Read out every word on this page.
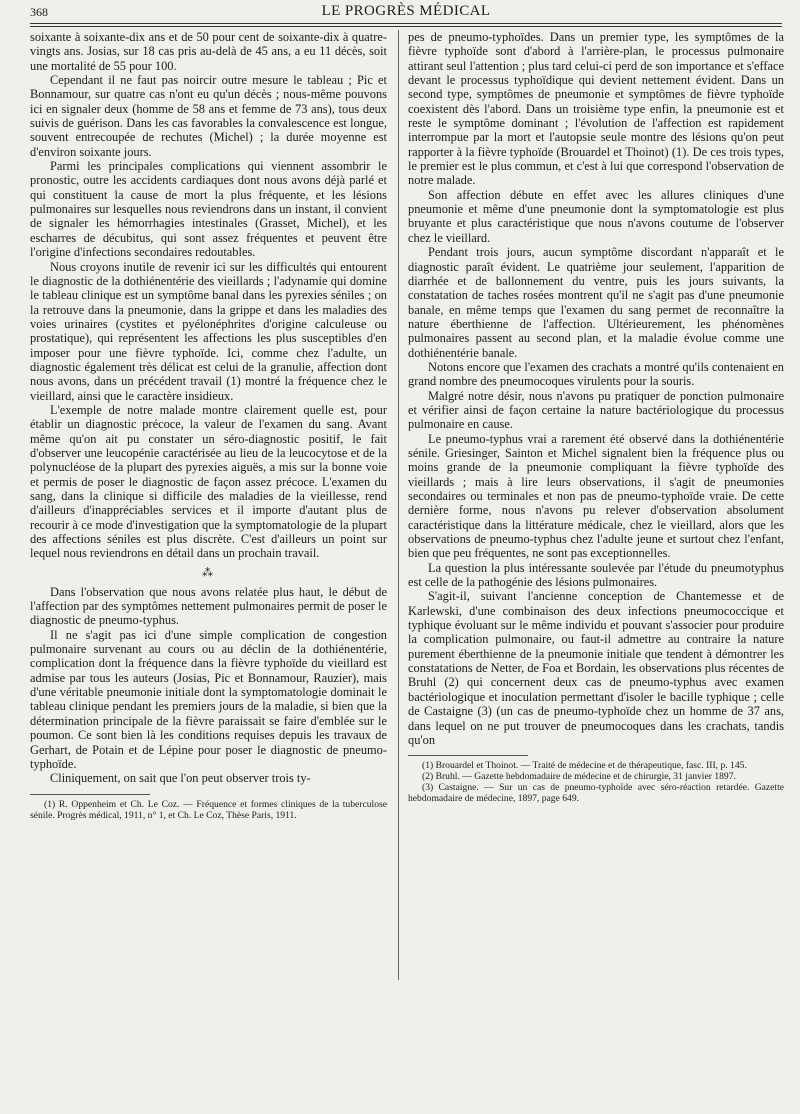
368	LE PROGRÈS MÉDICAL

soixante à soixante-dix ans et de 50 pour cent de soixante-dix à quatre-vingts ans. Josias, sur 18 cas pris au-delà de 45 ans, a eu 11 décès, soit une mortalité de 55 pour 100.

Cependant il ne faut pas noircir outre mesure le tableau ; Pic et Bonnamour, sur quatre cas n'ont eu qu'un décès ; nous-même pouvons ici en signaler deux (homme de 58 ans et femme de 73 ans), tous deux suivis de guérison. Dans les cas favorables la convalescence est longue, souvent entrecoupée de rechutes (Michel) ; la durée moyenne est d'environ soixante jours.

Parmi les principales complications qui viennent assombrir le pronostic, outre les accidents cardiaques dont nous avons déjà parlé et qui constituent la cause de mort la plus fréquente, et les lésions pulmonaires sur lesquelles nous reviendrons dans un instant, il convient de signaler les hémorrhagies intestinales (Grasset, Michel), et les escharres de décubitus, qui sont assez fréquentes et peuvent être l'origine d'infections secondaires redoutables.

Nous croyons inutile de revenir ici sur les difficultés qui entourent le diagnostic de la dothiénentérie des vieillards ; l'adynamie qui domine le tableau clinique est un symptôme banal dans les pyrexies séniles ; on la retrouve dans la pneumonie, dans la grippe et dans les maladies des voies urinaires (cystites et pyélonéphrites d'origine calculeuse ou prostatique), qui représentent les affections les plus susceptibles d'en imposer pour une fièvre typhoïde. Ici, comme chez l'adulte, un diagnostic également très délicat est celui de la granulie, affection dont nous avons, dans un précédent travail (1) montré la fréquence chez le vieillard, ainsi que le caractère insidieux.

L'exemple de notre malade montre clairement quelle est, pour établir un diagnostic précoce, la valeur de l'examen du sang. Avant même qu'on ait pu constater un séro-diagnostic positif, le fait d'observer une leucopénie caractérisée au lieu de la leucocytose et de la polynucléose de la plupart des pyrexies aiguës, a mis sur la bonne voie et permis de poser le diagnostic de façon assez précoce. L'examen du sang, dans la clinique si difficile des maladies de la vieillesse, rend d'ailleurs d'inappréciables services et il importe d'autant plus de recourir à ce mode d'investigation que la symptomatologie de la plupart des affections séniles est plus discrète. C'est d'ailleurs un point sur lequel nous reviendrons en détail dans un prochain travail.

⁂

Dans l'observation que nous avons relatée plus haut, le début de l'affection par des symptômes nettement pulmonaires permit de poser le diagnostic de pneumo-typhus.

Il ne s'agit pas ici d'une simple complication de congestion pulmonaire survenant au cours ou au déclin de la dothiénentérie, complication dont la fréquence dans la fièvre typhoïde du vieillard est admise par tous les auteurs (Josias, Pic et Bonnamour, Rauzier), mais d'une véritable pneumonie initiale dont la symptomatologie dominait le tableau clinique pendant les premiers jours de la maladie, si bien que la détermination principale de la fièvre paraissait se faire d'emblée sur le poumon. Ce sont bien là les conditions requises depuis les travaux de Gerhart, de Potain et de Lépine pour poser le diagnostic de pneumo-typhoïde.

Cliniquement, on sait que l'on peut observer trois ty-

(1) R. Oppenheim et Ch. Le Coz. — Fréquence et formes cliniques de la tuberculose sénile. Progrès médical, 1911, n° 1, et Ch. Le Coz, Thèse Paris, 1911.

pes de pneumo-typhoïdes. Dans un premier type, les symptômes de la fièvre typhoïde sont d'abord à l'arrière-plan, le processus pulmonaire attirant seul l'attention ; plus tard celui-ci perd de son importance et s'efface devant le processus typhoïdique qui devient nettement évident. Dans un second type, symptômes de pneumonie et symptômes de fièvre typhoïde coexistent dès l'abord. Dans un troisième type enfin, la pneumonie est et reste le symptôme dominant ; l'évolution de l'affection est rapidement interrompue par la mort et l'autopsie seule montre des lésions qu'on peut rapporter à la fièvre typhoïde (Brouardel et Thoinot) (1). De ces trois types, le premier est le plus commun, et c'est à lui que correspond l'observation de notre malade.

Son affection débute en effet avec les allures cliniques d'une pneumonie et même d'une pneumonie dont la symptomatologie est plus bruyante et plus caractéristique que nous n'avons coutume de l'observer chez le vieillard.

Pendant trois jours, aucun symptôme discordant n'apparaît et le diagnostic paraît évident. Le quatrième jour seulement, l'apparition de diarrhée et de ballonnement du ventre, puis les jours suivants, la constatation de taches rosées montrent qu'il ne s'agit pas d'une pneumonie banale, en même temps que l'examen du sang permet de reconnaître la nature éberthienne de l'affection. Ultérieurement, les phénomènes pulmonaires passent au second plan, et la maladie évolue comme une dothiénentérie banale.

Notons encore que l'examen des crachats a montré qu'ils contenaient en grand nombre des pneumocoques virulents pour la souris.

Malgré notre désir, nous n'avons pu pratiquer de ponction pulmonaire et vérifier ainsi de façon certaine la nature bactériologique du processus pulmonaire en cause.

Le pneumo-typhus vrai a rarement été observé dans la dothiénentérie sénile. Griesinger, Sainton et Michel signalent bien la fréquence plus ou moins grande de la pneumonie compliquant la fièvre typhoïde des vieillards ; mais à lire leurs observations, il s'agit de pneumonies secondaires ou terminales et non pas de pneumo-typhoïde vraie. De cette dernière forme, nous n'avons pu relever d'observation absolument caractéristique dans la littérature médicale, chez le vieillard, alors que les observations de pneumo-typhus chez l'adulte jeune et surtout chez l'enfant, bien que peu fréquentes, ne sont pas exceptionnelles.

La question la plus intéressante soulevée par l'étude du pneumotyphus est celle de la pathogénie des lésions pulmonaires.

S'agit-il, suivant l'ancienne conception de Chantemesse et de Karlewski, d'une combinaison des deux infections pneumococcique et typhique évoluant sur le même individu et pouvant s'associer pour produire la complication pulmonaire, ou faut-il admettre au contraire la nature purement éberthienne de la pneumonie initiale que tendent à démontrer les constatations de Netter, de Foa et Bordain, les observations plus récentes de Bruhl (2) qui concernent deux cas de pneumo-typhus avec examen bactériologique et inoculation permettant d'isoler le bacille typhique ; celle de Castaigne (3) (un cas de pneumo-typhoïde chez un homme de 37 ans, dans lequel on ne put trouver de pneumocoques dans les crachats, tandis qu'on

(1) Brouardel et Thoinot. — Traité de médecine et de thérapeutique, fasc. III, p. 145.

(2) Bruhl. — Gazette hebdomadaire de médecine et de chirurgie, 31 janvier 1897.

(3) Castaigne. — Sur un cas de pneumo-typhoïde avec séro-réaction retardée. Gazette hebdomadaire de médecine, 1897, page 649.
